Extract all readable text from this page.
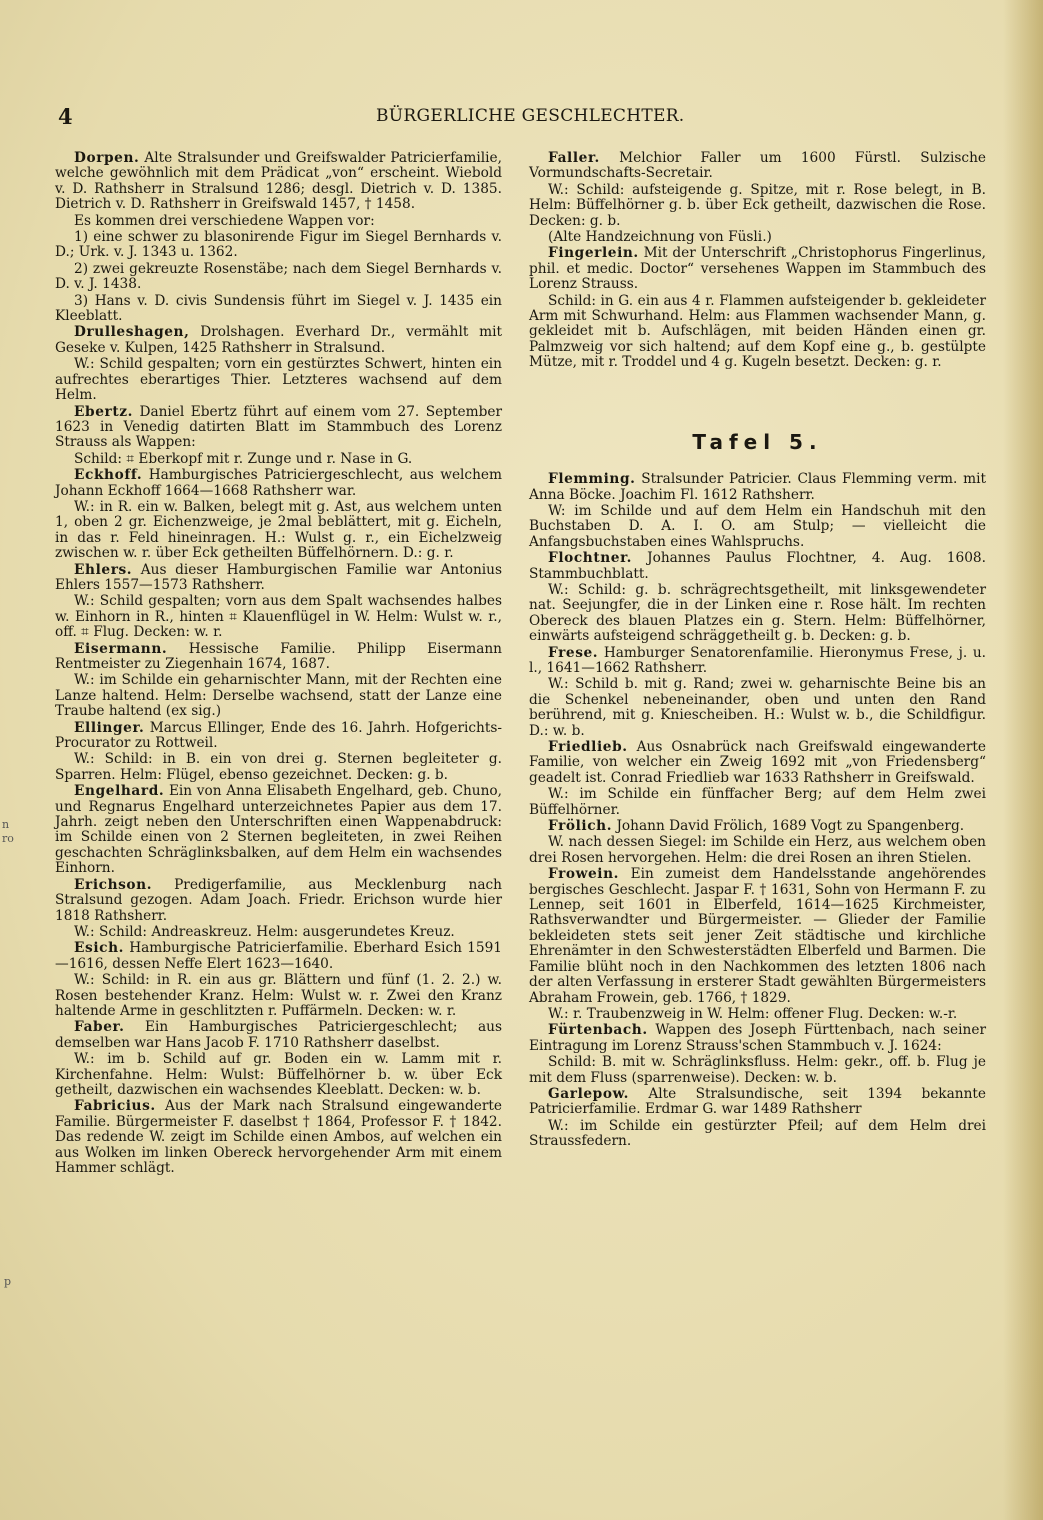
4	BÜRGERLICHE GESCHLECHTER.
n
ro
p

Dorpen. Alte Stralsunder und Greifswalder Patricierfamilie, welche gewöhnlich mit dem Prädicat „von“ erscheint. Wiebold v. D. Rathsherr in Stralsund 1286; desgl. Dietrich v. D. 1385. Dietrich v. D. Rathsherr in Greifswald 1457, † 1458.

Es kommen drei verschiedene Wappen vor:

1) eine schwer zu blasonirende Figur im Siegel Bernhards v. D.; Urk. v. J. 1343 u. 1362.

2) zwei gekreuzte Rosenstäbe; nach dem Siegel Bernhards v. D. v. J. 1438.

3) Hans v. D. civis Sundensis führt im Siegel v. J. 1435 ein Kleeblatt.

Drulleshagen, Drolshagen. Everhard Dr., vermählt mit Geseke v. Kulpen, 1425 Rathsherr in Stralsund.

W.: Schild gespalten; vorn ein gestürztes Schwert, hinten ein aufrechtes eberartiges Thier. Letzteres wachsend auf dem Helm.

Ebertz. Daniel Ebertz führt auf einem vom 27. September 1623 in Venedig datirten Blatt im Stammbuch des Lorenz Strauss als Wappen:

Schild: ⌗ Eberkopf mit r. Zunge und r. Nase in G.

Eckhoff. Hamburgisches Patriciergeschlecht, aus welchem Johann Eckhoff 1664—1668 Rathsherr war.

W.: in R. ein w. Balken, belegt mit g. Ast, aus welchem unten 1, oben 2 gr. Eichenzweige, je 2mal beblättert, mit g. Eicheln, in das r. Feld hineinragen. H.: Wulst g. r., ein Eichelzweig zwischen w. r. über Eck getheilten Büffelhörnern. D.: g. r.

Ehlers. Aus dieser Hamburgischen Familie war Antonius Ehlers 1557—1573 Rathsherr.

W.: Schild gespalten; vorn aus dem Spalt wachsendes halbes w. Einhorn in R., hinten ⌗ Klauenflügel in W. Helm: Wulst w. r., off. ⌗ Flug. Decken: w. r.

Eisermann. Hessische Familie. Philipp Eisermann Rentmeister zu Ziegenhain 1674, 1687.

W.: im Schilde ein geharnischter Mann, mit der Rechten eine Lanze haltend. Helm: Derselbe wachsend, statt der Lanze eine Traube haltend (ex sig.)

Ellinger. Marcus Ellinger, Ende des 16. Jahrh. Hofgerichts-Procurator zu Rottweil.

W.: Schild: in B. ein von drei g. Sternen begleiteter g. Sparren. Helm: Flügel, ebenso gezeichnet. Decken: g. b.

Engelhard. Ein von Anna Elisabeth Engelhard, geb. Chuno, und Regnarus Engelhard unterzeichnetes Papier aus dem 17. Jahrh. zeigt neben den Unterschriften einen Wappenabdruck: im Schilde einen von 2 Sternen begleiteten, in zwei Reihen geschachten Schräglinksbalken, auf dem Helm ein wachsendes Einhorn.

Erichson. Predigerfamilie, aus Mecklenburg nach Stralsund gezogen. Adam Joach. Friedr. Erichson wurde hier 1818 Rathsherr.

W.: Schild: Andreaskreuz. Helm: ausgerundetes Kreuz.

Esich. Hamburgische Patricierfamilie. Eberhard Esich 1591—1616, dessen Neffe Elert 1623—1640.

W.: Schild: in R. ein aus gr. Blättern und fünf (1. 2. 2.) w. Rosen bestehender Kranz. Helm: Wulst w. r. Zwei den Kranz haltende Arme in geschlitzten r. Puffärmeln. Decken: w. r.

Faber. Ein Hamburgisches Patriciergeschlecht; aus demselben war Hans Jacob F. 1710 Rathsherr daselbst.

W.: im b. Schild auf gr. Boden ein w. Lamm mit r. Kirchenfahne. Helm: Wulst: Büffelhörner b. w. über Eck getheilt, dazwischen ein wachsendes Kleeblatt. Decken: w. b.

Fabricius. Aus der Mark nach Stralsund eingewanderte Familie. Bürgermeister F. daselbst † 1864, Professor F. † 1842. Das redende W. zeigt im Schilde einen Ambos, auf welchen ein aus Wolken im linken Obereck hervorgehender Arm mit einem Hammer schlägt.

Faller. Melchior Faller um 1600 Fürstl. Sulzische Vormundschafts-Secretair.

W.: Schild: aufsteigende g. Spitze, mit r. Rose belegt, in B. Helm: Büffelhörner g. b. über Eck getheilt, dazwischen die Rose. Decken: g. b.

(Alte Handzeichnung von Füsli.)

Fingerlein. Mit der Unterschrift „Christophorus Fingerlinus, phil. et medic. Doctor“ versehenes Wappen im Stammbuch des Lorenz Strauss.

Schild: in G. ein aus 4 r. Flammen aufsteigender b. gekleideter Arm mit Schwurhand. Helm: aus Flammen wachsender Mann, g. gekleidet mit b. Aufschlägen, mit beiden Händen einen gr. Palmzweig vor sich haltend; auf dem Kopf eine g., b. gestülpte Mütze, mit r. Troddel und 4 g. Kugeln besetzt. Decken: g. r.

Tafel 5.

Flemming. Stralsunder Patricier. Claus Flemming verm. mit Anna Böcke. Joachim Fl. 1612 Rathsherr.

W: im Schilde und auf dem Helm ein Handschuh mit den Buchstaben D. A. I. O. am Stulp; — vielleicht die Anfangsbuchstaben eines Wahlspruchs.

Flochtner. Johannes Paulus Flochtner, 4. Aug. 1608. Stammbuchblatt.

W.: Schild: g. b. schrägrechtsgetheilt, mit linksgewendeter nat. Seejungfer, die in der Linken eine r. Rose hält. Im rechten Obereck des blauen Platzes ein g. Stern. Helm: Büffelhörner, einwärts aufsteigend schräggetheilt g. b. Decken: g. b.

Frese. Hamburger Senatorenfamilie. Hieronymus Frese, j. u. l., 1641—1662 Rathsherr.

W.: Schild b. mit g. Rand; zwei w. geharnischte Beine bis an die Schenkel nebeneinander, oben und unten den Rand berührend, mit g. Kniescheiben. H.: Wulst w. b., die Schildfigur. D.: w. b.

Friedlieb. Aus Osnabrück nach Greifswald eingewanderte Familie, von welcher ein Zweig 1692 mit „von Friedensberg“ geadelt ist. Conrad Friedlieb war 1633 Rathsherr in Greifswald.

W.: im Schilde ein fünffacher Berg; auf dem Helm zwei Büffelhörner.

Frölich. Johann David Frölich, 1689 Vogt zu Spangenberg.

W. nach dessen Siegel: im Schilde ein Herz, aus welchem oben drei Rosen hervorgehen. Helm: die drei Rosen an ihren Stielen.

Frowein. Ein zumeist dem Handelsstande angehörendes bergisches Geschlecht. Jaspar F. † 1631, Sohn von Hermann F. zu Lennep, seit 1601 in Elberfeld, 1614—1625 Kirchmeister, Rathsverwandter und Bürgermeister. — Glieder der Familie bekleideten stets seit jener Zeit städtische und kirchliche Ehrenämter in den Schwesterstädten Elberfeld und Barmen. Die Familie blüht noch in den Nachkommen des letzten 1806 nach der alten Verfassung in ersterer Stadt gewählten Bürgermeisters Abraham Frowein, geb. 1766, † 1829.

W.: r. Traubenzweig in W. Helm: offener Flug. Decken: w.-r.

Fürtenbach. Wappen des Joseph Fürttenbach, nach seiner Eintragung im Lorenz Strauss'schen Stammbuch v. J. 1624:

Schild: B. mit w. Schräglinksfluss. Helm: gekr., off. b. Flug je mit dem Fluss (sparrenweise). Decken: w. b.

Garlepow. Alte Stralsundische, seit 1394 bekannte Patricierfamilie. Erdmar G. war 1489 Rathsherr

W.: im Schilde ein gestürzter Pfeil; auf dem Helm drei Straussfedern.
